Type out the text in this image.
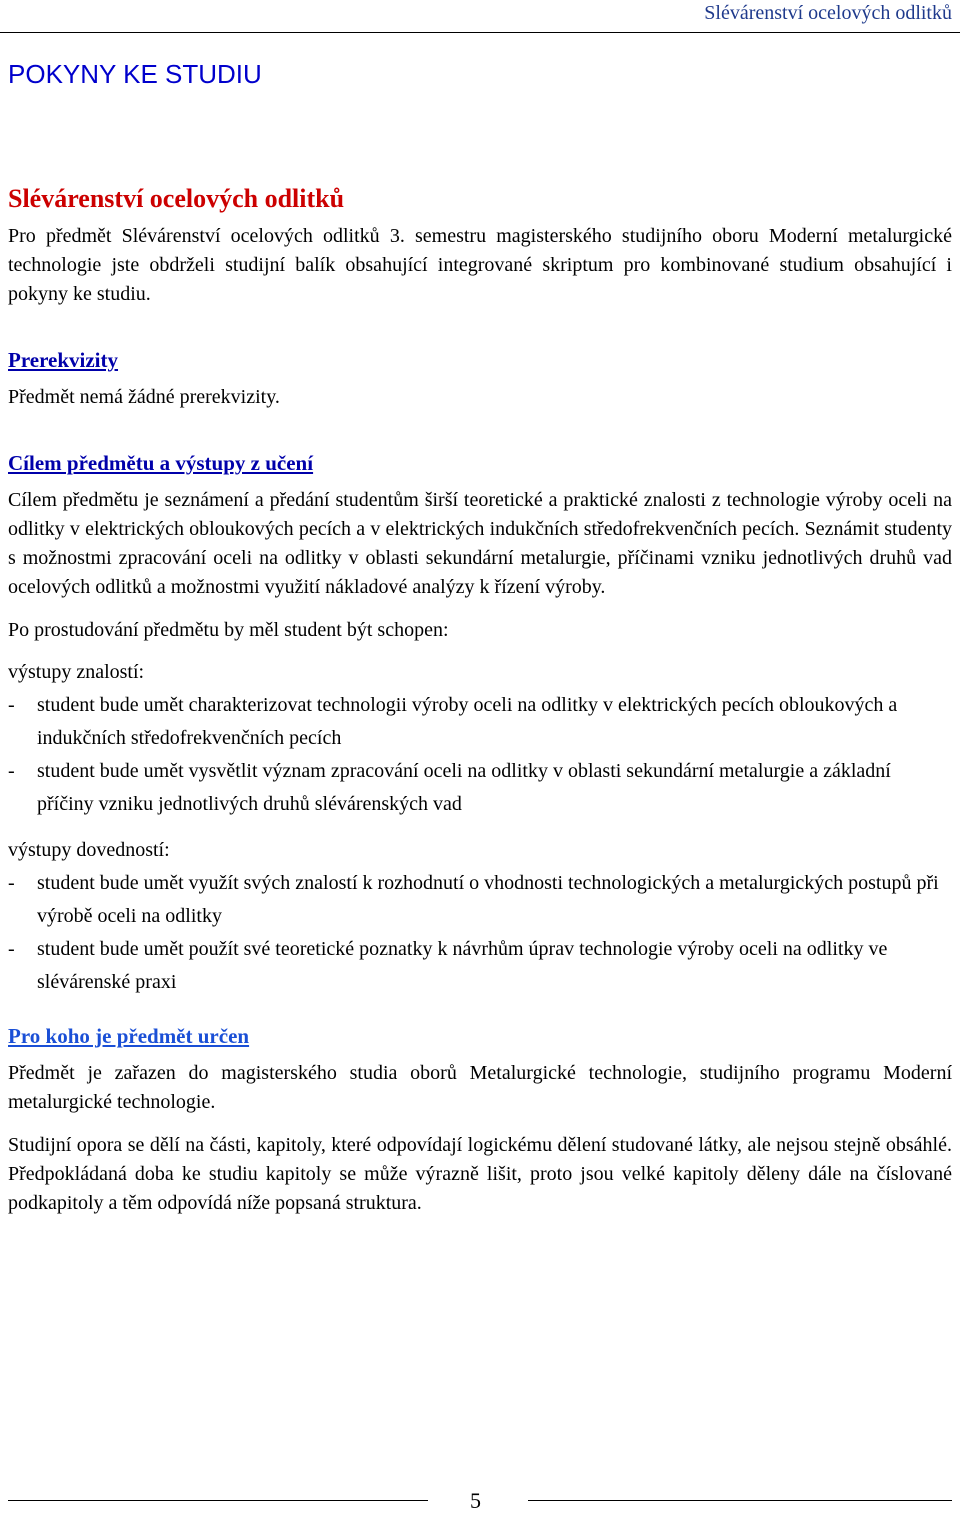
Slévárenství ocelových odlitků
POKYNY KE STUDIU
Slévárenství ocelových odlitků

Pro předmět Slévárenství ocelových odlitků 3. semestru magisterského studijního oboru Moderní metalurgické technologie jste obdrželi studijní balík obsahující integrované skriptum pro kombinované studium obsahující i pokyny ke studiu.

Prerekvizity

Předmět nemá žádné prerekvizity.

Cílem předmětu a výstupy z učení

Cílem předmětu je seznámení a předání studentům širší teoretické a praktické znalosti z technologie výroby oceli na odlitky v elektrických obloukových pecích a v elektrických indukčních středofrekvenčních pecích. Seznámit studenty s možnostmi zpracování oceli na odlitky v oblasti sekundární metalurgie, příčinami vzniku jednotlivých druhů vad ocelových odlitků a možnostmi využití nákladové analýzy k řízení výroby.

Po prostudování předmětu by měl student být schopen:

výstupy znalostí:
- student bude umět charakterizovat technologii výroby oceli na odlitky v elektrických pecích obloukových a indukčních středofrekvenčních pecích
- student bude umět vysvětlit význam zpracování oceli na odlitky v oblasti sekundární metalurgie a základní příčiny vzniku jednotlivých druhů slévárenských vad
výstupy dovedností:
- student bude umět využít svých znalostí k rozhodnutí o vhodnosti technologických a metalurgických postupů při výrobě oceli na odlitky
- student bude umět použít své teoretické poznatky k návrhům úprav technologie výroby oceli na odlitky ve slévárenské praxi
Pro koho je předmět určen

Předmět je zařazen do magisterského studia oborů Metalurgické technologie, studijního programu Moderní metalurgické technologie.

Studijní opora se dělí na části, kapitoly, které odpovídají logickému dělení studované látky, ale nejsou stejně obsáhlé. Předpokládaná doba ke studiu kapitoly se může výrazně lišit, proto jsou velké kapitoly děleny dále na číslované podkapitoly a těm odpovídá níže popsaná struktura.

5
